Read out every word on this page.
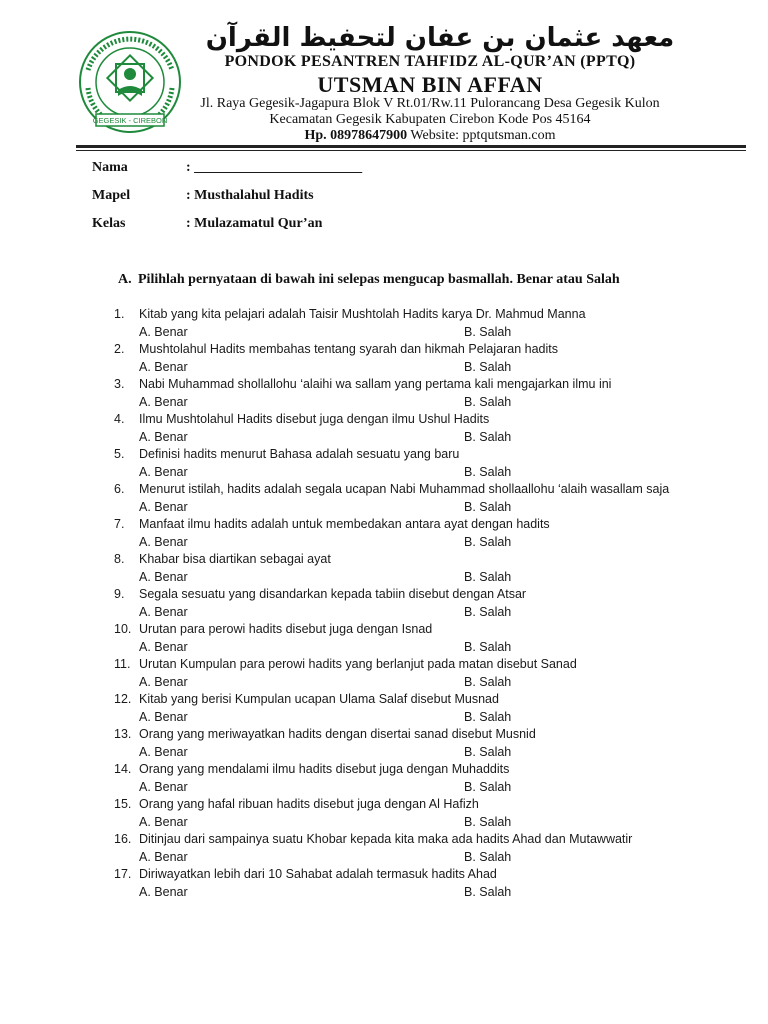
GEGESIK - CIREBON
معهد عثمان بن عفان لتحفيظ القرآن
PONDOK PESANTREN TAHFIDZ AL-QUR’AN (PPTQ)
UTSMAN BIN AFFAN
Jl. Raya Gegesik-Jagapura Blok V Rt.01/Rw.11 Pulorancang Desa Gegesik Kulon
Kecamatan Gegesik Kabupaten Cirebon Kode Pos 45164
Hp. 08978647900 Website: pptqutsman.com
Nama	: ________________________
Mapel	: Musthalahul Hadits
Kelas	: Mulazamatul Qur’an
A. Pilihlah pernyataan di bawah ini selepas mengucap basmallah. Benar atau Salah
1.	Kitab yang kita pelajari adalah Taisir Mushtolah Hadits karya Dr. Mahmud Manna
A. Benar	B. Salah
2.	Mushtolahul Hadits membahas tentang syarah dan hikmah Pelajaran hadits
A. Benar	B. Salah
3.	Nabi Muhammad shollallohu ‘alaihi wa sallam yang pertama kali mengajarkan ilmu ini
A. Benar	B. Salah
4.	Ilmu Mushtolahul Hadits disebut juga dengan ilmu Ushul Hadits
A. Benar	B. Salah
5.	Definisi hadits menurut Bahasa adalah sesuatu yang baru
A. Benar	B. Salah
6.	Menurut istilah, hadits adalah segala ucapan Nabi Muhammad shollaallohu ‘alaih wasallam saja
A. Benar	B. Salah
7.	Manfaat ilmu hadits adalah untuk membedakan antara ayat dengan hadits
A. Benar	B. Salah
8.	Khabar bisa diartikan sebagai ayat
A. Benar	B. Salah
9.	Segala sesuatu yang disandarkan kepada tabiin disebut dengan Atsar
A. Benar	B. Salah
10. Urutan para perowi hadits disebut juga dengan Isnad
A. Benar	B. Salah
11. Urutan Kumpulan para perowi hadits yang berlanjut pada matan disebut Sanad
A. Benar	B. Salah
12. Kitab yang berisi Kumpulan ucapan Ulama Salaf disebut Musnad
A. Benar	B. Salah
13. Orang yang meriwayatkan hadits dengan disertai sanad disebut Musnid
A. Benar	B. Salah
14. Orang yang mendalami ilmu hadits disebut juga dengan Muhaddits
A. Benar	B. Salah
15. Orang yang hafal ribuan hadits disebut juga dengan Al Hafizh
A. Benar	B. Salah
16. Ditinjau dari sampainya suatu Khobar kepada kita maka ada hadits Ahad dan Mutawwatir
A. Benar	B. Salah
17. Diriwayatkan lebih dari 10 Sahabat adalah termasuk hadits Ahad
A. Benar	B. Salah
